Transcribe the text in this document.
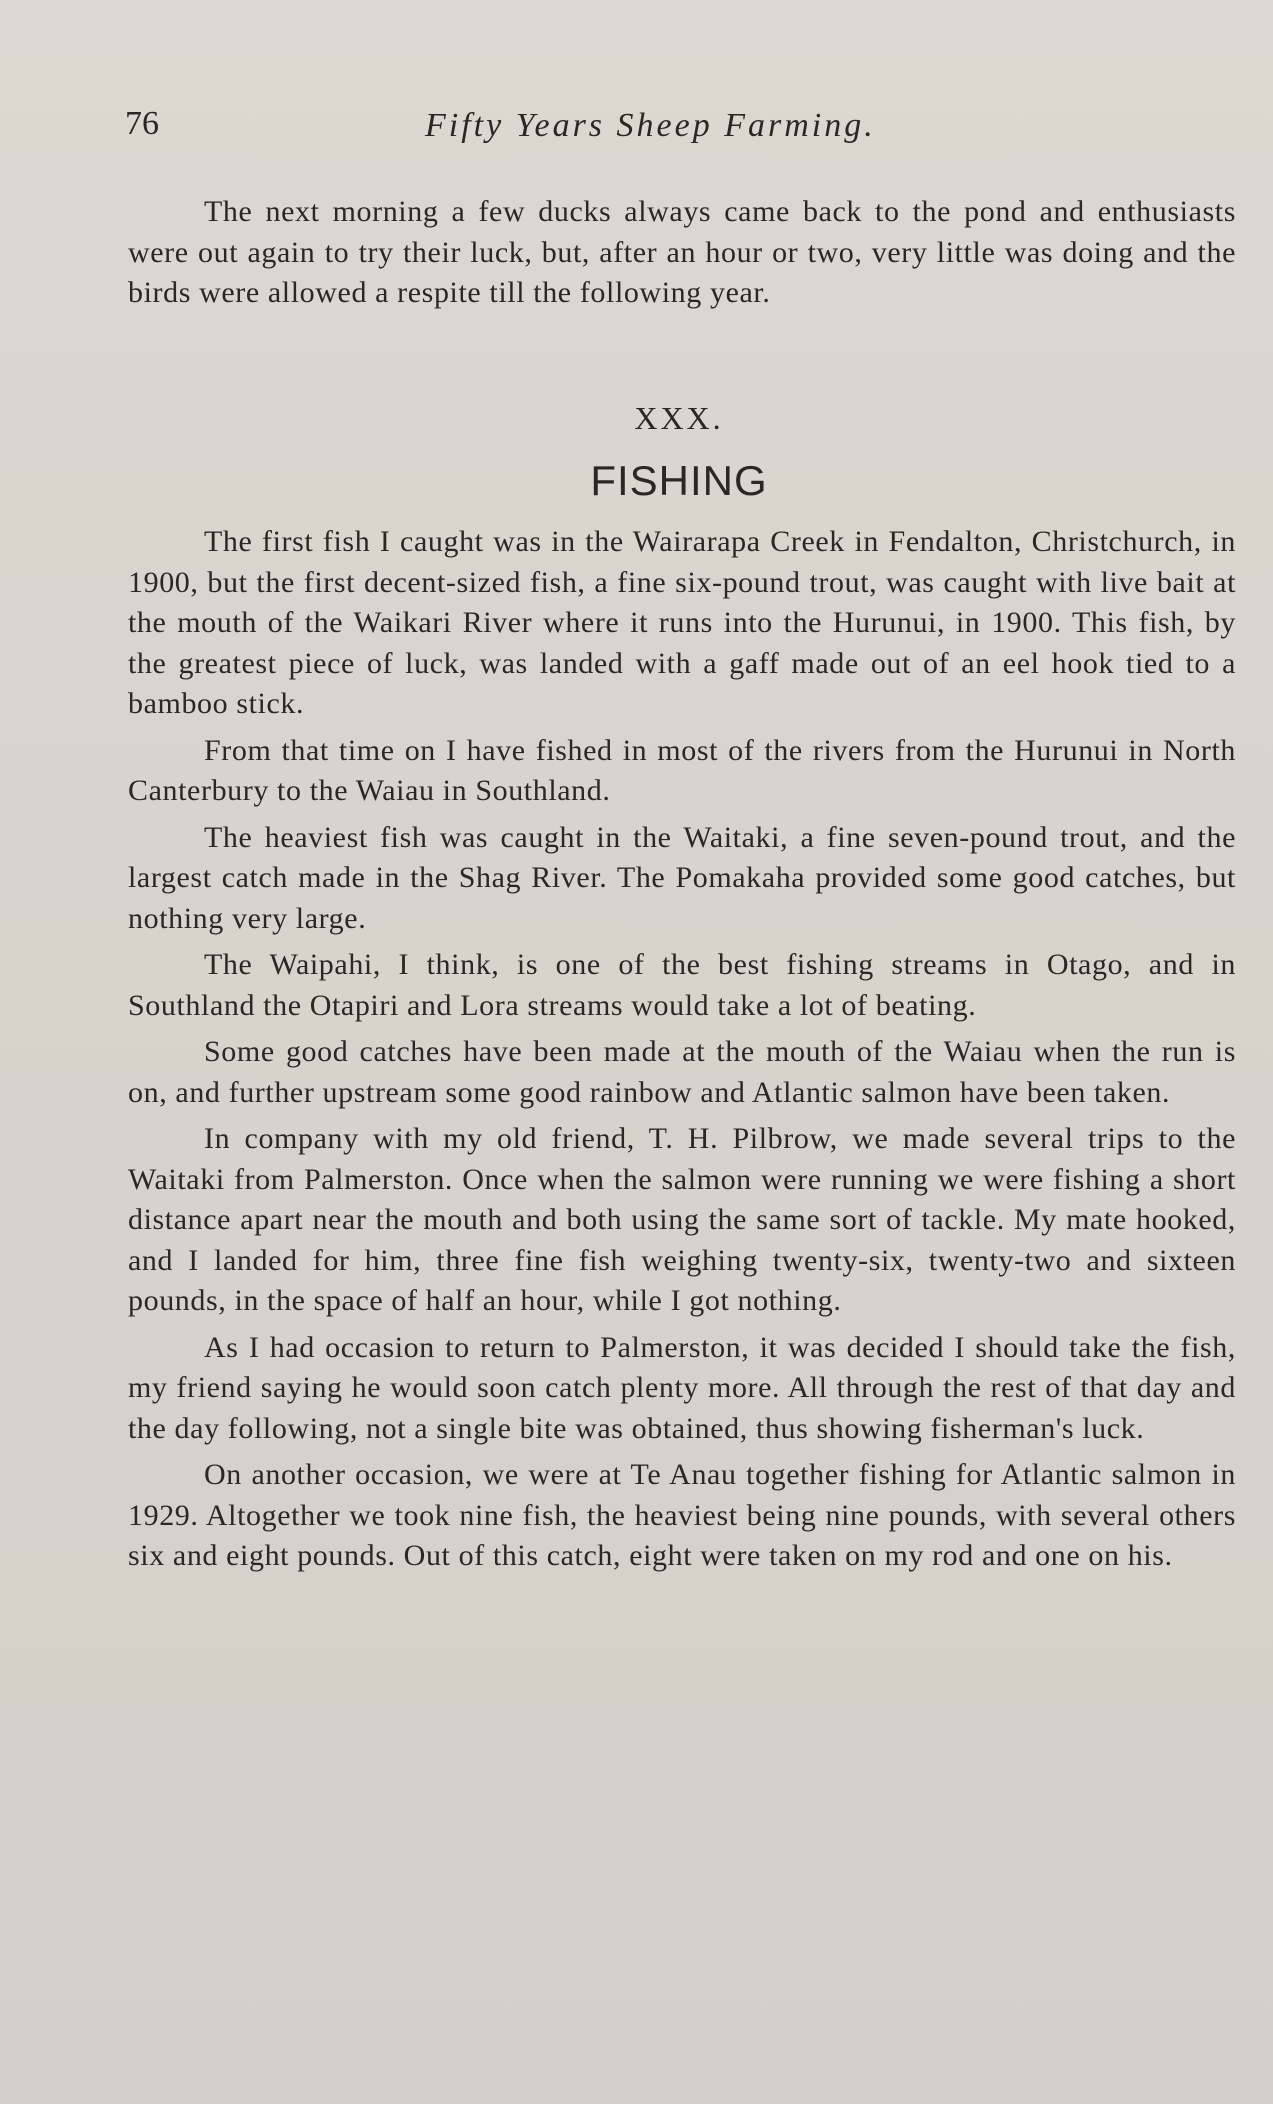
76	Fifty Years Sheep Farming.

The next morning a few ducks always came back to the pond and enthusiasts were out again to try their luck, but, after an hour or two, very little was doing and the birds were allowed a respite till the following year.

XXX.
FISHING

The first fish I caught was in the Wairarapa Creek in Fendalton, Christchurch, in 1900, but the first decent-sized fish, a fine six-pound trout, was caught with live bait at the mouth of the Waikari River where it runs into the Hurunui, in 1900. This fish, by the greatest piece of luck, was landed with a gaff made out of an eel hook tied to a bamboo stick.

From that time on I have fished in most of the rivers from the Hurunui in North Canterbury to the Waiau in Southland.

The heaviest fish was caught in the Waitaki, a fine seven-pound trout, and the largest catch made in the Shag River. The Pomakaha provided some good catches, but nothing very large.

The Waipahi, I think, is one of the best fishing streams in Otago, and in Southland the Otapiri and Lora streams would take a lot of beating.

Some good catches have been made at the mouth of the Waiau when the run is on, and further upstream some good rainbow and Atlantic salmon have been taken.

In company with my old friend, T. H. Pilbrow, we made several trips to the Waitaki from Palmerston. Once when the salmon were running we were fishing a short distance apart near the mouth and both using the same sort of tackle. My mate hooked, and I landed for him, three fine fish weighing twenty-six, twenty-two and sixteen pounds, in the space of half an hour, while I got nothing.

As I had occasion to return to Palmerston, it was decided I should take the fish, my friend saying he would soon catch plenty more. All through the rest of that day and the day following, not a single bite was obtained, thus showing fisherman's luck.

On another occasion, we were at Te Anau together fishing for Atlantic salmon in 1929. Altogether we took nine fish, the heaviest being nine pounds, with several others six and eight pounds. Out of this catch, eight were taken on my rod and one on his.
